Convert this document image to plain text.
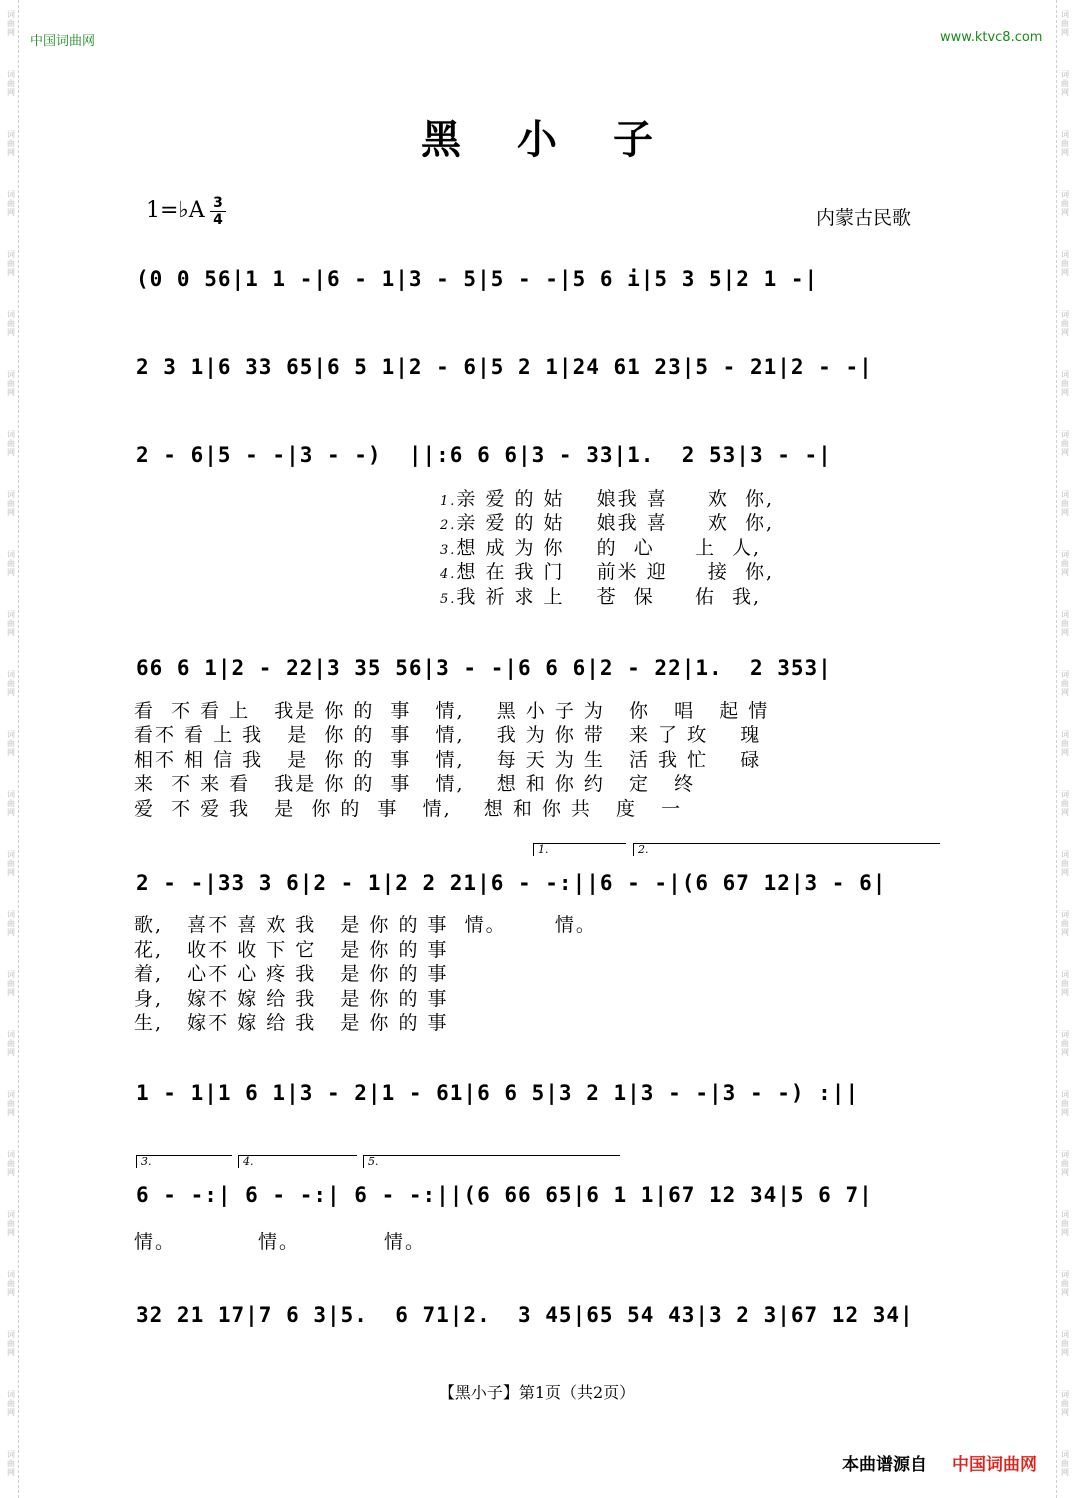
词曲网
词曲网
词曲网
词曲网
词曲网
词曲网
词曲网
词曲网
词曲网
词曲网
词曲网
词曲网
词曲网
词曲网
词曲网
词曲网
词曲网
词曲网
词曲网
词曲网
词曲网
词曲网
词曲网
词曲网
词曲网
词曲网
词曲网
词曲网
词曲网
词曲网
词曲网
词曲网
词曲网
词曲网
词曲网
词曲网
词曲网
词曲网
词曲网
词曲网
词曲网
词曲网
词曲网
词曲网
词曲网
词曲网
词曲网
词曲网
词曲网
词曲网
中国词曲网	www.ktvc8.com
黑小子
1=♭A 3
4	内蒙古民歌
(0 0 56|1 1 -|6 - 1|3 - 5|5 - -|5 6 i|5 3 5|2 1 -|
2 3 1|6 33 65|6 5 1|2 - 6|5 2 1|24 61 23|5 - 21|2 - -|
2 - 6|5 - -|3 - -)  ||:6 6 6|3 - 33|1.  2 53|3 - -|
1.亲 爱 的 姑    娘我 喜     欢  你,
2.亲 爱 的 姑    娘我 喜     欢  你,
3.想 成 为 你    的  心     上  人,
4.想 在 我 门    前米 迎     接  你,
5.我 祈 求 上    苍  保     佑  我,
66 6 1|2 - 22|3 35 56|3 - -|6 6 6|2 - 22|1.  2 353|
看  不 看 上   我是 你 的  事   情,    黑 小 子 为   你   唱   起 情
看不 看 上 我   是  你 的  事   情,    我 为 你 带   来 了 玫    瑰
相不 相 信 我   是  你 的  事   情,    每 天 为 生   活 我 忙    碌
来  不 来 看   我是 你 的  事   情,    想 和 你 约   定   终
爱  不 爱 我   是  你 的  事   情,    想 和 你 共   度   一
1.	2.
2 - -|33 3 6|2 - 1|2 2 21|6 - -:||6 - -|(6 67 12|3 - 6|
歌,   喜不 喜 欢 我   是 你 的 事  情。      情。
花,   收不 收 下 它   是 你 的 事
着,   心不 心 疼 我   是 你 的 事
身,   嫁不 嫁 给 我   是 你 的 事
生,   嫁不 嫁 给 我   是 你 的 事
1 - 1|1 6 1|3 - 2|1 - 61|6 6 5|3 2 1|3 - -|3 - -) :||
3.	4.	5.
6 - -:| 6 - -:| 6 - -:||(6 66 65|6 1 1|67 12 34|5 6 7|
情。	情。	情。
32 21 17|7 6 3|5.  6 71|2.  3 45|65 54 43|3 2 3|67 12 34|
【黑小子】第1页（共2页）
本曲谱源自 中国词曲网
